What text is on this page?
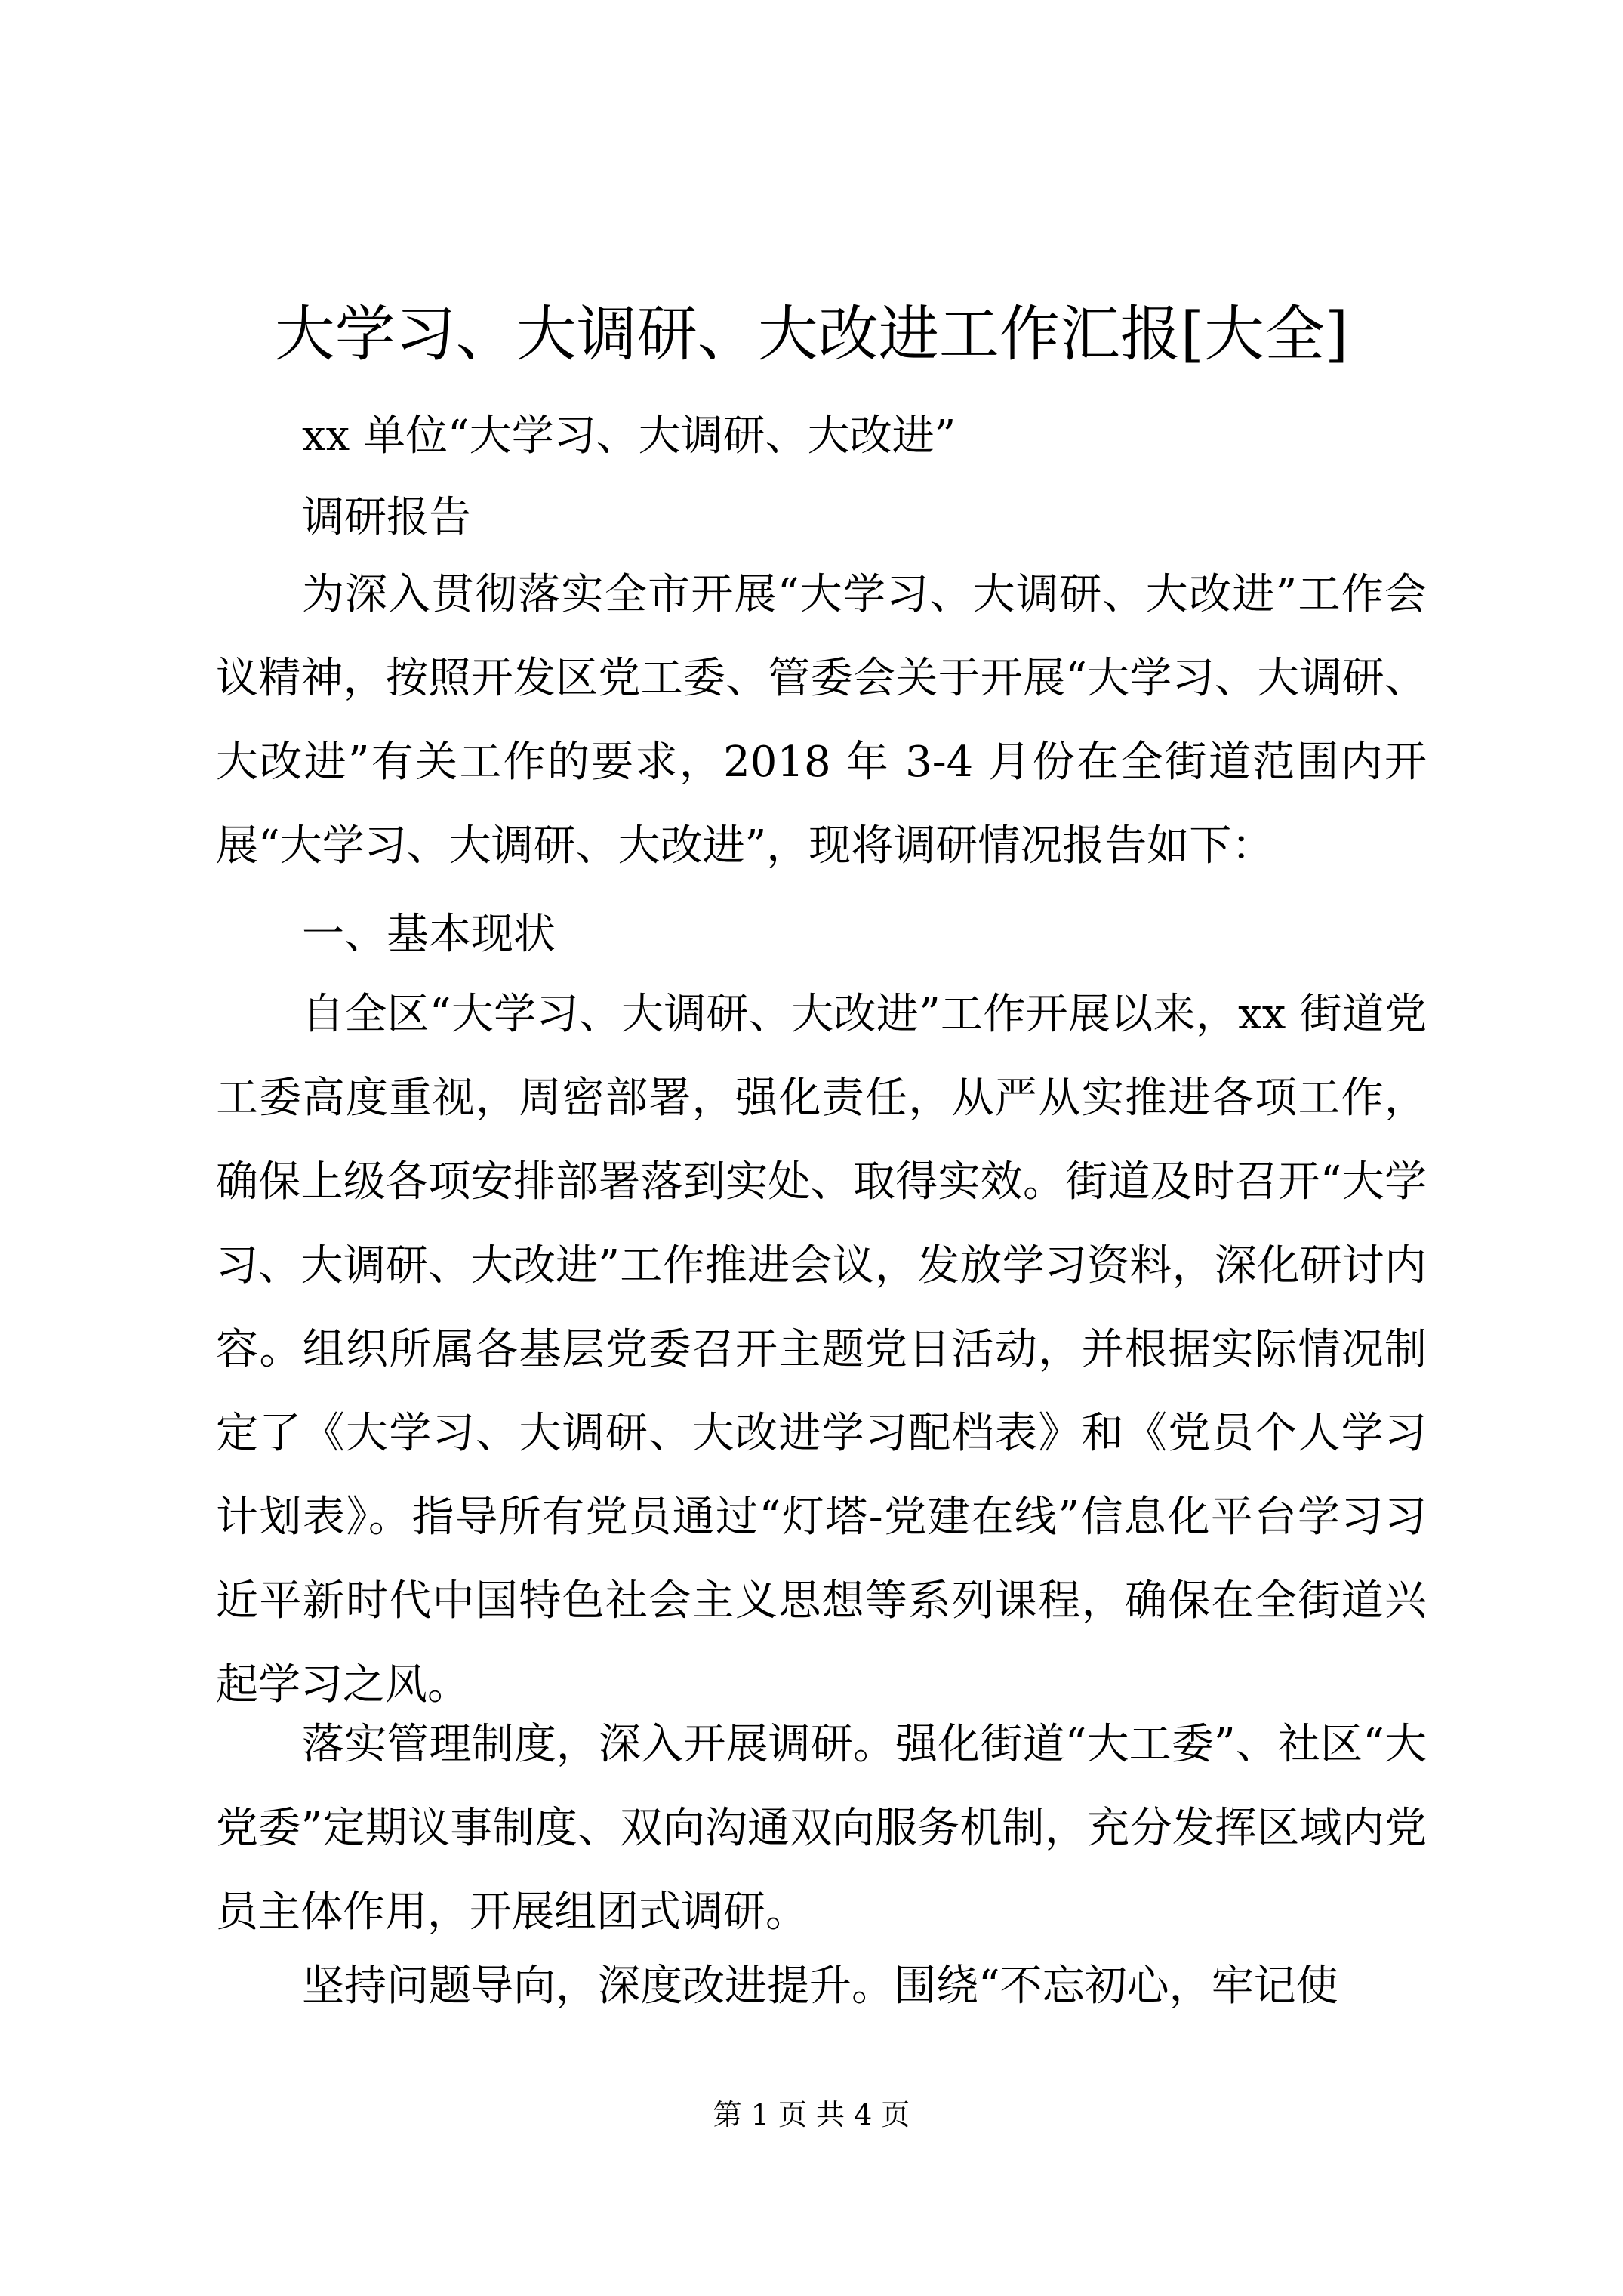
大学习、大调研、大改进工作汇报[大全]

xx 单位“大学习、大调研、大改进”

调研报告

为深入贯彻落实全市开展“大学习、大调研、大改进”工作会议精神，按照开发区党工委、管委会关于开展“大学习、大调研、大改进”有关工作的要求，2018 年 3-4 月份在全街道范围内开展“大学习、大调研、大改进”，现将调研情况报告如下：

一、基本现状

自全区“大学习、大调研、大改进”工作开展以来，xx 街道党工委高度重视，周密部署，强化责任，从严从实推进各项工作，确保上级各项安排部署落到实处、取得实效。街道及时召开“大学习、大调研、大改进”工作推进会议，发放学习资料，深化研讨内容。组织所属各基层党委召开主题党日活动，并根据实际情况制定了《大学习、大调研、大改进学习配档表》和《党员个人学习计划表》。指导所有党员通过“灯塔-党建在线”信息化平台学习习近平新时代中国特色社会主义思想等系列课程，确保在全街道兴起学习之风。

落实管理制度，深入开展调研。强化街道“大工委”、社区“大党委”定期议事制度、双向沟通双向服务机制，充分发挥区域内党员主体作用，开展组团式调研。

坚持问题导向，深度改进提升。围绕“不忘初心，牢记使

第 1 页 共 4 页
